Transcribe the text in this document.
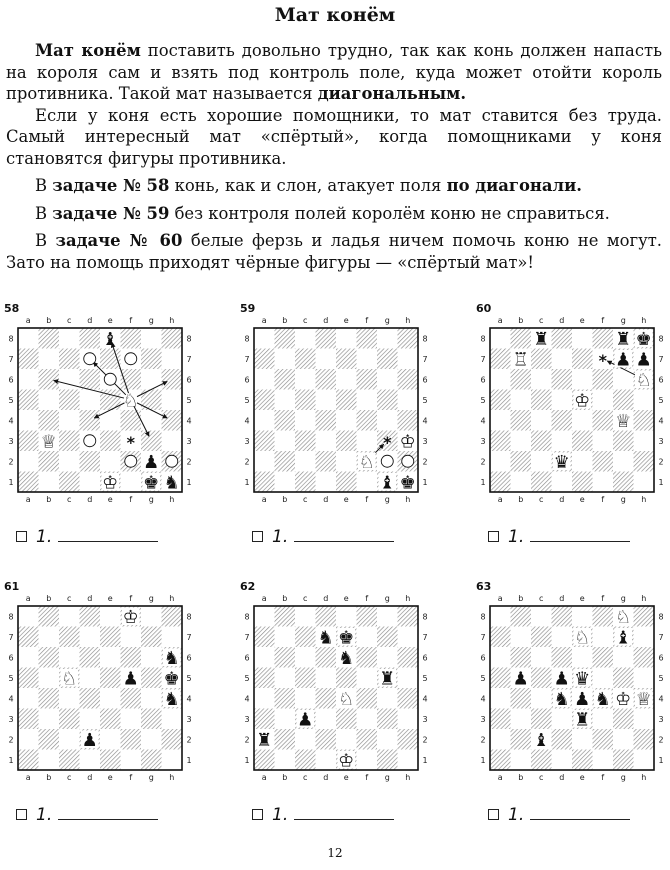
Мат конём

Мат конём поставить довольно трудно, так как конь должен напасть на короля сам и взять под контроль поле, куда может отойти король противника. Такой мат называется диагональным.

Если у коня есть хорошие помощники, то мат ставится без труда. Самый интересный мат «спёртый», когда помощниками у коня становятся фигуры противника.

В задаче № 58 конь, как и слон, атакует поля по диагонали.

В задаче № 59 без контроля полей королём коню не справиться.

В задаче № 60 белые ферзь и ладья ничем помочь коню не могут. Зато на помощь приходят чёрные фигуры — «спёртый мат»!

58
a
a
b
b
c
c
d
d
e
e
f
f
g
g
h
h
8	8
7	7
6	6
5	5
4	4
3	3
2	2
1	1
*
♝
♘
♕
♟
♔ ♚ ♞
1.
59
a
a
b
b
c
c
d
d
e
e
f
f
g
g
h
h
8	8
7	7
6	6
5	5
4	4
3	3
2	2
1	1
* ♔
♘
♝ ♚
1.
60
a
a
b
b
c
c
d
d
e
e
f
f
g
g
h
h
8	8
7	7
6	6
5	5
4	4
3	3
2	2
1	1
*
♜	♜ ♚
♖	♟ ♟
♘
♔
♕
♛
1.
61
a
a
b
b
c
c
d
d
e
e
f
f
g
g
h
h
8	8
7	7
6	6
5	5
4	4
3	3
2	2
1	1
♔
♞
♘	♟ ♚
♞
♟
1.
62
a
a
b
b
c
c
d
d
e
e
f
f
g
g
h
h
8	8
7	7
6	6
5	5
4	4
3	3
2	2
1	1
♞ ♚
♞
♜
♘
♟
♜
♔
1.
63
a
a
b
b
c
c
d
d
e
e
f
f
g
g
h
h
8	8
7	7
6	6
5	5
4	4
3	3
2	2
1	1
♘
♘ ♝
♟ ♟ ♛
♞ ♟ ♞ ♔ ♕
♜
♝
1.
12
